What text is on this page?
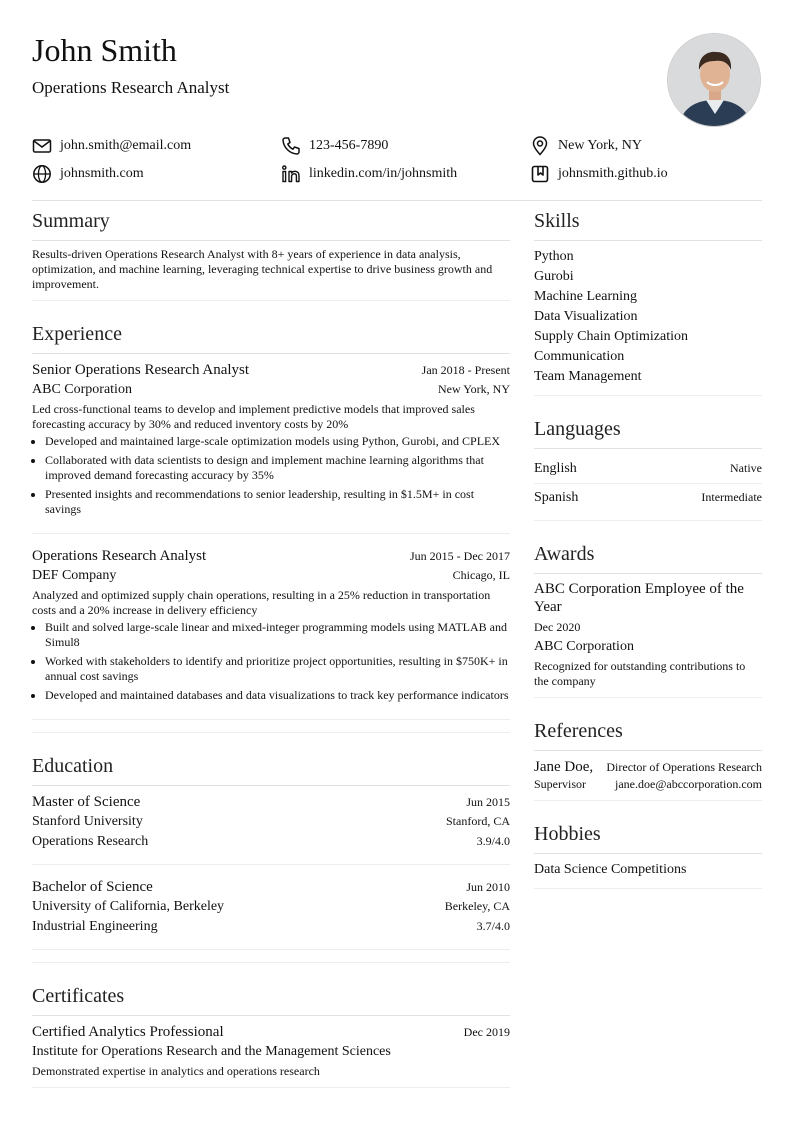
John Smith
Operations Research Analyst
john.smith@email.com	123-456-7890	New York, NY
johnsmith.com	linkedin.com/in/johnsmith	johnsmith.github.io
Summary
Results-driven Operations Research Analyst with 8+ years of experience in data analysis, optimization, and machine learning, leveraging technical expertise to drive business growth and improvement.
Experience
Senior Operations Research Analyst	Jan 2018 - Present
ABC Corporation	New York, NY
Led cross-functional teams to develop and implement predictive models that improved sales forecasting accuracy by 30% and reduced inventory costs by 20%
• Developed and maintained large-scale optimization models using Python, Gurobi, and CPLEX
• Collaborated with data scientists to design and implement machine learning algorithms that improved demand forecasting accuracy by 35%
• Presented insights and recommendations to senior leadership, resulting in $1.5M+ in cost savings
Operations Research Analyst	Jun 2015 - Dec 2017
DEF Company	Chicago, IL
Analyzed and optimized supply chain operations, resulting in a 25% reduction in transportation costs and a 20% increase in delivery efficiency
• Built and solved large-scale linear and mixed-integer programming models using MATLAB and Simul8
• Worked with stakeholders to identify and prioritize project opportunities, resulting in $750K+ in annual cost savings
• Developed and maintained databases and data visualizations to track key performance indicators
Education
Master of Science	Jun 2015
Stanford University	Stanford, CA
Operations Research	3.9/4.0
Bachelor of Science	Jun 2010
University of California, Berkeley	Berkeley, CA
Industrial Engineering	3.7/4.0
Certificates
Certified Analytics Professional	Dec 2019
Institute for Operations Research and the Management Sciences
Demonstrated expertise in analytics and operations research
Skills
Python
Gurobi
Machine Learning
Data Visualization
Supply Chain Optimization
Communication
Team Management
Languages
English	Native
Spanish	Intermediate
Awards
ABC Corporation Employee of the Year
Dec 2020
ABC Corporation
Recognized for outstanding contributions to the company
References
Jane Doe, Director of Operations Research
Supervisor jane.doe@abccorporation.com
Hobbies
Data Science Competitions
